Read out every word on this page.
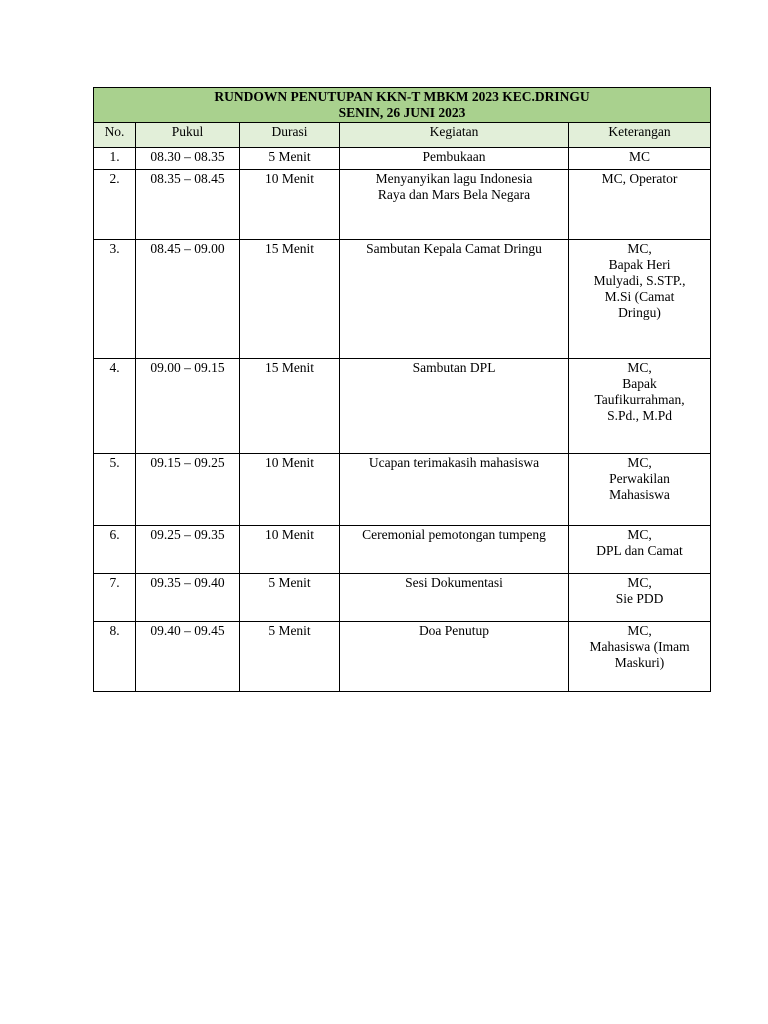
RUNDOWN PENUTUPAN KKN-T MBKM 2023 KEC.DRINGU
SENIN, 26 JUNI 2023				

No.	Pukul	Durasi	Kegiatan	Keterangan
1.	08.30 – 08.35	5 Menit	Pembukaan	MC

2.	08.35 – 08.45	10 Menit	Menyanyikan lagu Indonesia
Raya dan Mars Bela Negara	MC, Operator

3.	08.45 – 09.00	15 Menit	Sambutan Kepala Camat Dringu	MC,
Bapak Heri
Mulyadi, S.STP.,
M.Si (Camat
Dringu)

4.	09.00 – 09.15	15 Menit	Sambutan DPL	MC,
Bapak
Taufikurrahman,
S.Pd., M.Pd

5.	09.15 – 09.25	10 Menit	Ucapan terimakasih mahasiswa	MC,
Perwakilan
Mahasiswa

6.	09.25 – 09.35	10 Menit	Ceremonial pemotongan tumpeng	MC,
DPL dan Camat

7.	09.35 – 09.40	5 Menit	Sesi Dokumentasi	MC,
Sie PDD

8.	09.40 – 09.45	5 Menit	Doa Penutup	MC,
Mahasiswa (Imam
Maskuri)
